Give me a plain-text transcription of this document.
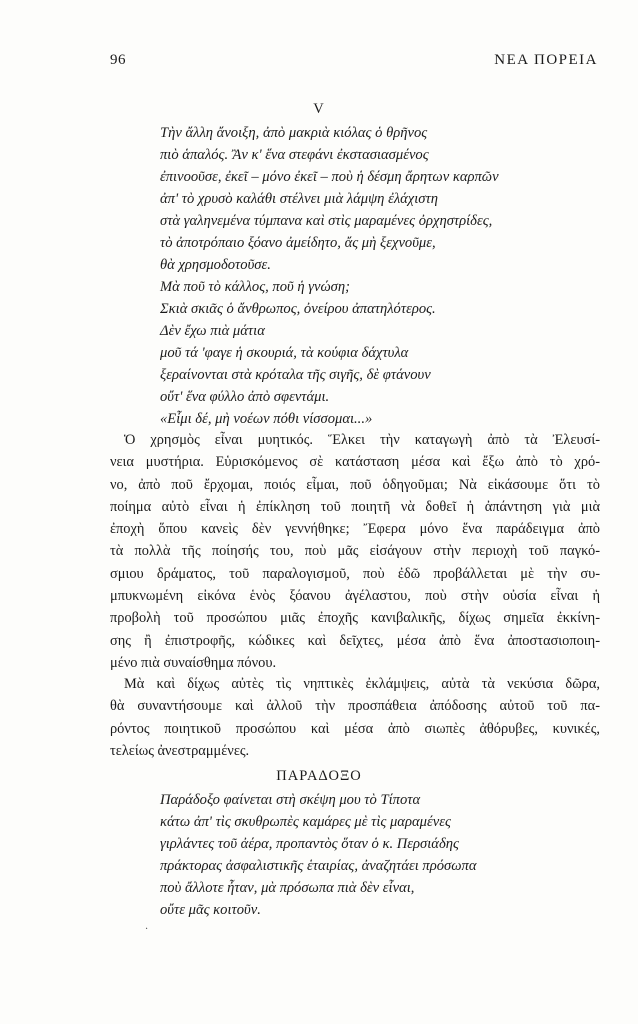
96	ΝΕΑ ΠΟΡΕΙΑ
V
Τὴν ἄλλη ἄνοιξη, ἀπὸ μακριὰ κιόλας ὁ θρῆνος
πιὸ ἁπαλός. Ἂν κ' ἕνα στεφάνι ἐκστασιασμένος
ἐπινοοῦσε, ἐκεῖ – μόνο ἐκεῖ – ποὺ ἡ δέσμη ἄρητων καρπῶν
ἀπ' τὸ χρυσὸ καλάθι στέλνει μιὰ λάμψη ἐλάχιστη
στὰ γαληνεμένα τύμπανα καὶ στὶς μαραμένες ὀρχηστρίδες,
τὸ ἀποτρόπαιο ξόανο ἀμείδητο, ἄς μὴ ξεχνοῦμε,
θὰ χρησμοδοτοῦσε.
Μὰ ποῦ τὸ κάλλος, ποῦ ἡ γνώση;
Σκιὰ σκιᾶς ὁ ἄνθρωπος, ὀνείρου ἀπατηλότερος.
Δὲν ἔχω πιὰ μάτια
μοῦ τά 'φαγε ἡ σκουριά, τὰ κούφια δάχτυλα
ξεραίνονται στὰ κρόταλα τῆς σιγῆς, δὲ φτάνουν
οὔτ' ἕνα φύλλο ἀπὸ σφεντάμι.
«Εἶμι δέ, μὴ νοέων πόθι νίσσομαι...»
Ὁ χρησμὸς εἶναι μυητικός. Ἕλκει τὴν καταγωγὴ ἀπὸ τὰ Ἐλευσί-
νεια μυστήρια. Εὑρισκόμενος σὲ κατάσταση μέσα καὶ ἔξω ἀπὸ τὸ χρό-
νο, ἀπὸ ποῦ ἔρχομαι, ποιός εἶμαι, ποῦ ὁδηγοῦμαι; Νὰ εἰκάσουμε ὅτι τὸ
ποίημα αὐτὸ εἶναι ἡ ἐπίκληση τοῦ ποιητῆ νὰ δοθεῖ ἡ ἀπάντηση γιὰ μιὰ
ἐποχὴ ὅπου κανεὶς δὲν γεννήθηκε; Ἔφερα μόνο ἕνα παράδειγμα ἀπὸ
τὰ πολλὰ τῆς ποίησής του, ποὺ μᾶς εἰσάγουν στὴν περιοχὴ τοῦ παγκό-
σμιου δράματος, τοῦ παραλογισμοῦ, ποὺ ἐδῶ προβάλλεται μὲ τὴν συ-
μπυκνωμένη εἰκόνα ἑνὸς ξόανου ἀγέλαστου, ποὺ στὴν οὐσία εἶναι ἡ
προβολὴ τοῦ προσώπου μιᾶς ἐποχῆς κανιβαλικῆς, δίχως σημεῖα ἐκκίνη-
σης ἢ ἐπιστροφῆς, κώδικες καὶ δεῖχτες, μέσα ἀπὸ ἕνα ἀποστασιοποιη-
μένο πιὰ συναίσθημα πόνου.
Μὰ καὶ δίχως αὐτὲς τὶς νηπτικὲς ἐκλάμψεις, αὐτὰ τὰ νεκύσια δῶρα,
θὰ συναντήσουμε καὶ ἀλλοῦ τὴν προσπάθεια ἀπόδοσης αὐτοῦ τοῦ πα-
ρόντος ποιητικοῦ προσώπου καὶ μέσα ἀπὸ σιωπὲς ἀθόρυβες, κυνικές,
τελείως ἀνεστραμμένες.
ΠΑΡΑΔΟΞΟ
Παράδοξο φαίνεται στὴ σκέψη μου τὸ Τίποτα
κάτω ἀπ' τὶς σκυθρωπὲς καμάρες μὲ τὶς μαραμένες
γιρλάντες τοῦ ἀέρα, προπαντὸς ὅταν ὁ κ. Περσιάδης
πράκτορας ἀσφαλιστικῆς ἑταιρίας, ἀναζητάει πρόσωπα
ποὺ ἄλλοτε ἦταν, μὰ πρόσωπα πιὰ δὲν εἶναι,
οὔτε μᾶς κοιτοῦν.
·
